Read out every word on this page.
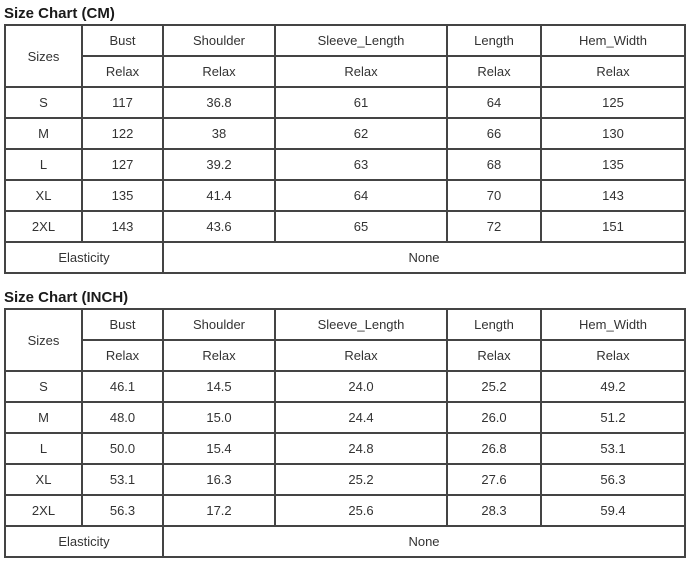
Size Chart (CM)
Sizes	Bust	Shoulder	Sleeve_Length	Length	Hem_Width
	Relax	Relax	Relax	Relax	Relax
S	117	36.8	61	64	125
M	122	38	62	66	130
L	127	39.2	63	68	135
XL	135	41.4	64	70	143
2XL	143	43.6	65	72	151
Elasticity		None			
Size Chart (INCH)
Sizes	Bust	Shoulder	Sleeve_Length	Length	Hem_Width
	Relax	Relax	Relax	Relax	Relax
S	46.1	14.5	24.0	25.2	49.2
M	48.0	15.0	24.4	26.0	51.2
L	50.0	15.4	24.8	26.8	53.1
XL	53.1	16.3	25.2	27.6	56.3
2XL	56.3	17.2	25.6	28.3	59.4
Elasticity		None			
